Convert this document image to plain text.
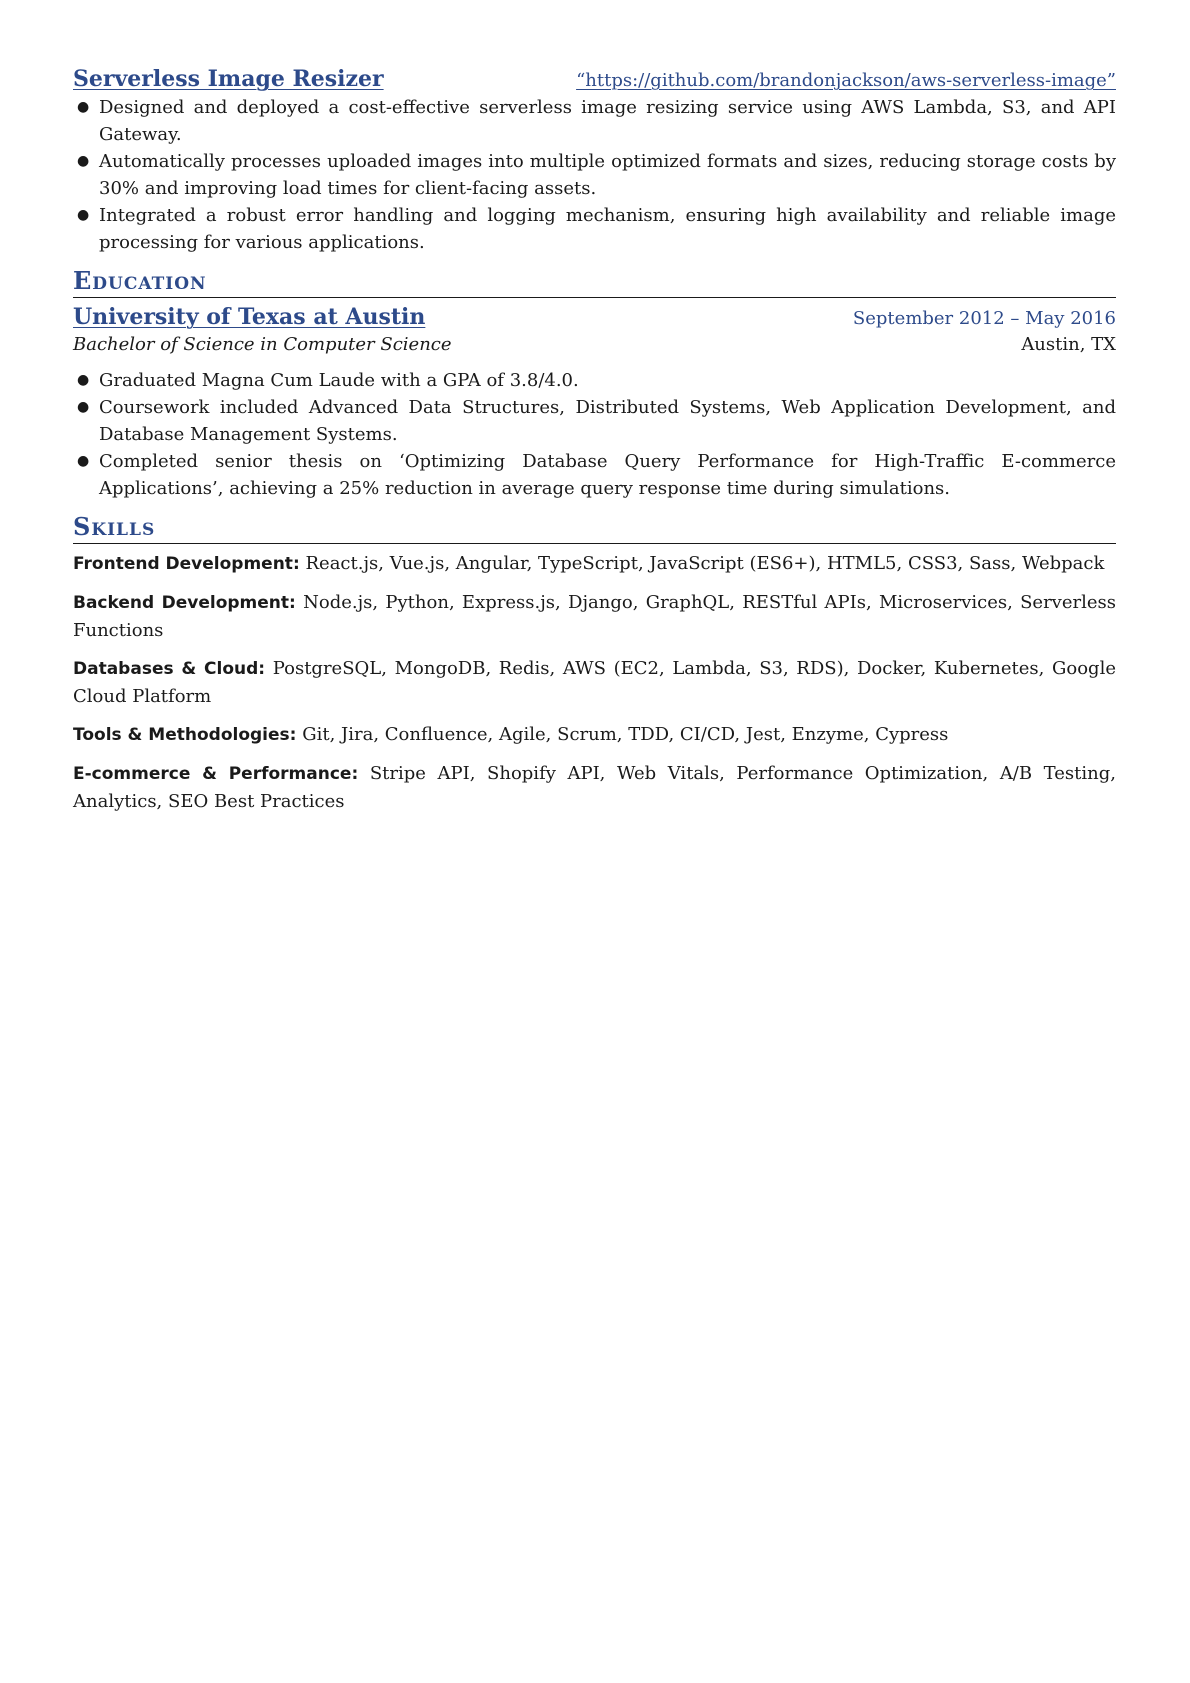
Serverless Image Resizer	“https://github.com/brandonjackson/aws-serverless-image”
● Designed and deployed a cost-effective serverless image resizing service using AWS Lambda, S3, and API Gateway.
● Automatically processes uploaded images into multiple optimized formats and sizes, reducing storage costs by 30% and improving load times for client-facing assets.
● Integrated a robust error handling and logging mechanism, ensuring high availability and reliable image processing for various applications.
Education
University of Texas at Austin	September 2012 – May 2016
Bachelor of Science in Computer Science	Austin, TX
● Graduated Magna Cum Laude with a GPA of 3.8/4.0.
● Coursework included Advanced Data Structures, Distributed Systems, Web Application Development, and Database Management Systems.
● Completed senior thesis on ‘Optimizing Database Query Performance for High-Traffic E-commerce Applications’, achieving a 25% reduction in average query response time during simulations.
Skills
Frontend Development: React.js, Vue.js, Angular, TypeScript, JavaScript (ES6+), HTML5, CSS3, Sass, Webpack
Backend Development: Node.js, Python, Express.js, Django, GraphQL, RESTful APIs, Microservices, Serverless Functions
Databases & Cloud: PostgreSQL, MongoDB, Redis, AWS (EC2, Lambda, S3, RDS), Docker, Kubernetes, Google Cloud Platform
Tools & Methodologies: Git, Jira, Confluence, Agile, Scrum, TDD, CI/CD, Jest, Enzyme, Cypress
E-commerce & Performance: Stripe API, Shopify API, Web Vitals, Performance Optimization, A/B Testing, Analytics, SEO Best Practices
